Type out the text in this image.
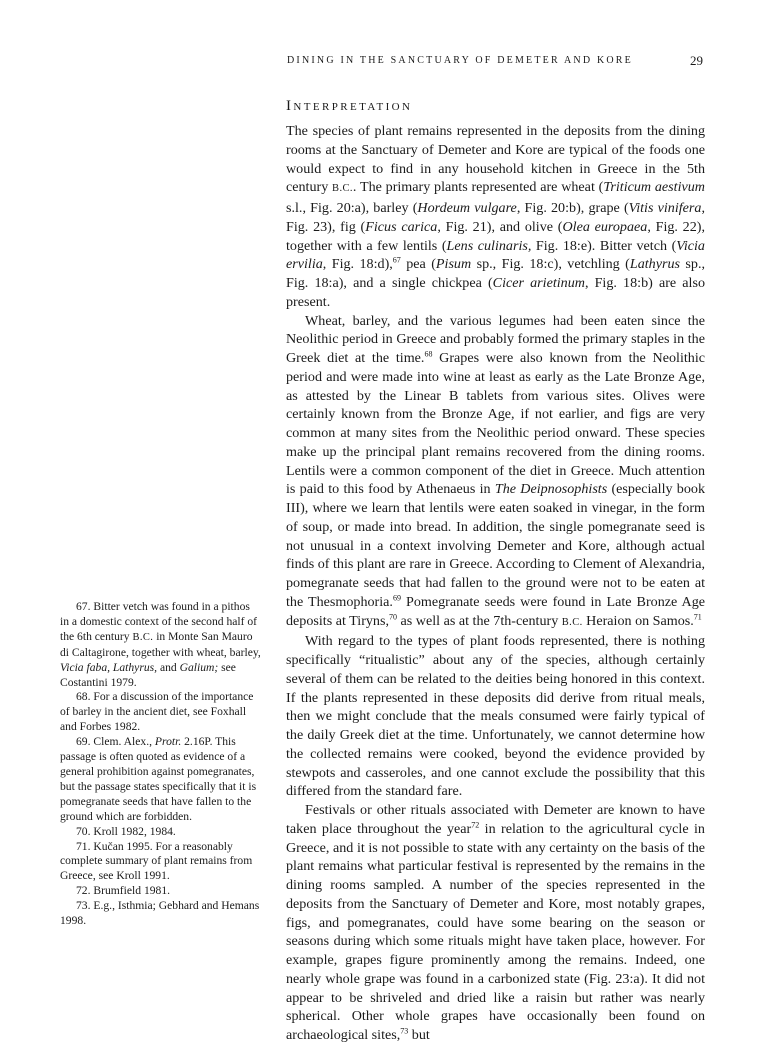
DINING IN THE SANCTUARY OF DEMETER AND KORE	29
Interpretation

The species of plant remains represented in the deposits from the dining rooms at the Sanctuary of Demeter and Kore are typical of the foods one would expect to find in any household kitchen in Greece in the 5th century B.C.. The primary plants represented are wheat (Triticum aestivum s.l., Fig. 20:a), barley (Hordeum vulgare, Fig. 20:b), grape (Vitis vinifera, Fig. 23), fig (Ficus carica, Fig. 21), and olive (Olea europaea, Fig. 22), together with a few lentils (Lens culinaris, Fig. 18:e). Bitter vetch (Vicia ervilia, Fig. 18:d),$^{67}$ pea (Pisum sp., Fig. 18:c), vetchling (Lathyrus sp., Fig. 18:a), and a single chickpea (Cicer arietinum, Fig. 18:b) are also present.

Wheat, barley, and the various legumes had been eaten since the Neolithic period in Greece and probably formed the primary staples in the Greek diet at the time.$^{68}$ Grapes were also known from the Neolithic period and were made into wine at least as early as the Late Bronze Age, as attested by the Linear B tablets from various sites. Olives were certainly known from the Bronze Age, if not earlier, and figs are very common at many sites from the Neolithic period onward. These species make up the principal plant remains recovered from the dining rooms. Lentils were a common component of the diet in Greece. Much attention is paid to this food by Athenaeus in The Deipnosophists (especially book III), where we learn that lentils were eaten soaked in vinegar, in the form of soup, or made into bread. In addition, the single pomegranate seed is not unusual in a context involving Demeter and Kore, although actual finds of this plant are rare in Greece. According to Clement of Alexandria, pomegranate seeds that had fallen to the ground were not to be eaten at the Thesmophoria.$^{69}$ Pomegranate seeds were found in Late Bronze Age deposits at Tiryns,$^{70}$ as well as at the 7th-century B.C. Heraion on Samos.$^{71}$

With regard to the types of plant foods represented, there is nothing specifically “ritualistic” about any of the species, although certainly several of them can be related to the deities being honored in this context. If the plants represented in these deposits did derive from ritual meals, then we might conclude that the meals consumed were fairly typical of the daily Greek diet at the time. Unfortunately, we cannot determine how the collected remains were cooked, beyond the evidence provided by stewpots and casseroles, and one cannot exclude the possibility that this differed from the standard fare.

Festivals or other rituals associated with Demeter are known to have taken place throughout the year$^{72}$ in relation to the agricultural cycle in Greece, and it is not possible to state with any certainty on the basis of the plant remains what particular festival is represented by the remains in the dining rooms sampled. A number of the species represented in the deposits from the Sanctuary of Demeter and Kore, most notably grapes, figs, and pomegranates, could have some bearing on the season or seasons during which some rituals might have taken place, however. For example, grapes figure prominently among the remains. Indeed, one nearly whole grape was found in a carbonized state (Fig. 23:a). It did not appear to be shriveled and dried like a raisin but rather was nearly spherical. Other whole grapes have occasionally been found on archaeological sites,$^{73}$ but

67. Bitter vetch was found in a pithos in a domestic context of the second half of the 6th century B.C. in Monte San Mauro di Caltagirone, together with wheat, barley, Vicia faba, Lathyrus, and Galium; see Costantini 1979.

68. For a discussion of the importance of barley in the ancient diet, see Foxhall and Forbes 1982.

69. Clem. Alex., Protr. 2.16P. This passage is often quoted as evidence of a general prohibition against pomegranates, but the passage states specifically that it is pomegranate seeds that have fallen to the ground which are forbidden.

70. Kroll 1982, 1984.

71. Kučan 1995. For a reasonably complete summary of plant remains from Greece, see Kroll 1991.

72. Brumfield 1981.

73. E.g., Isthmia; Gebhard and Hemans 1998.
